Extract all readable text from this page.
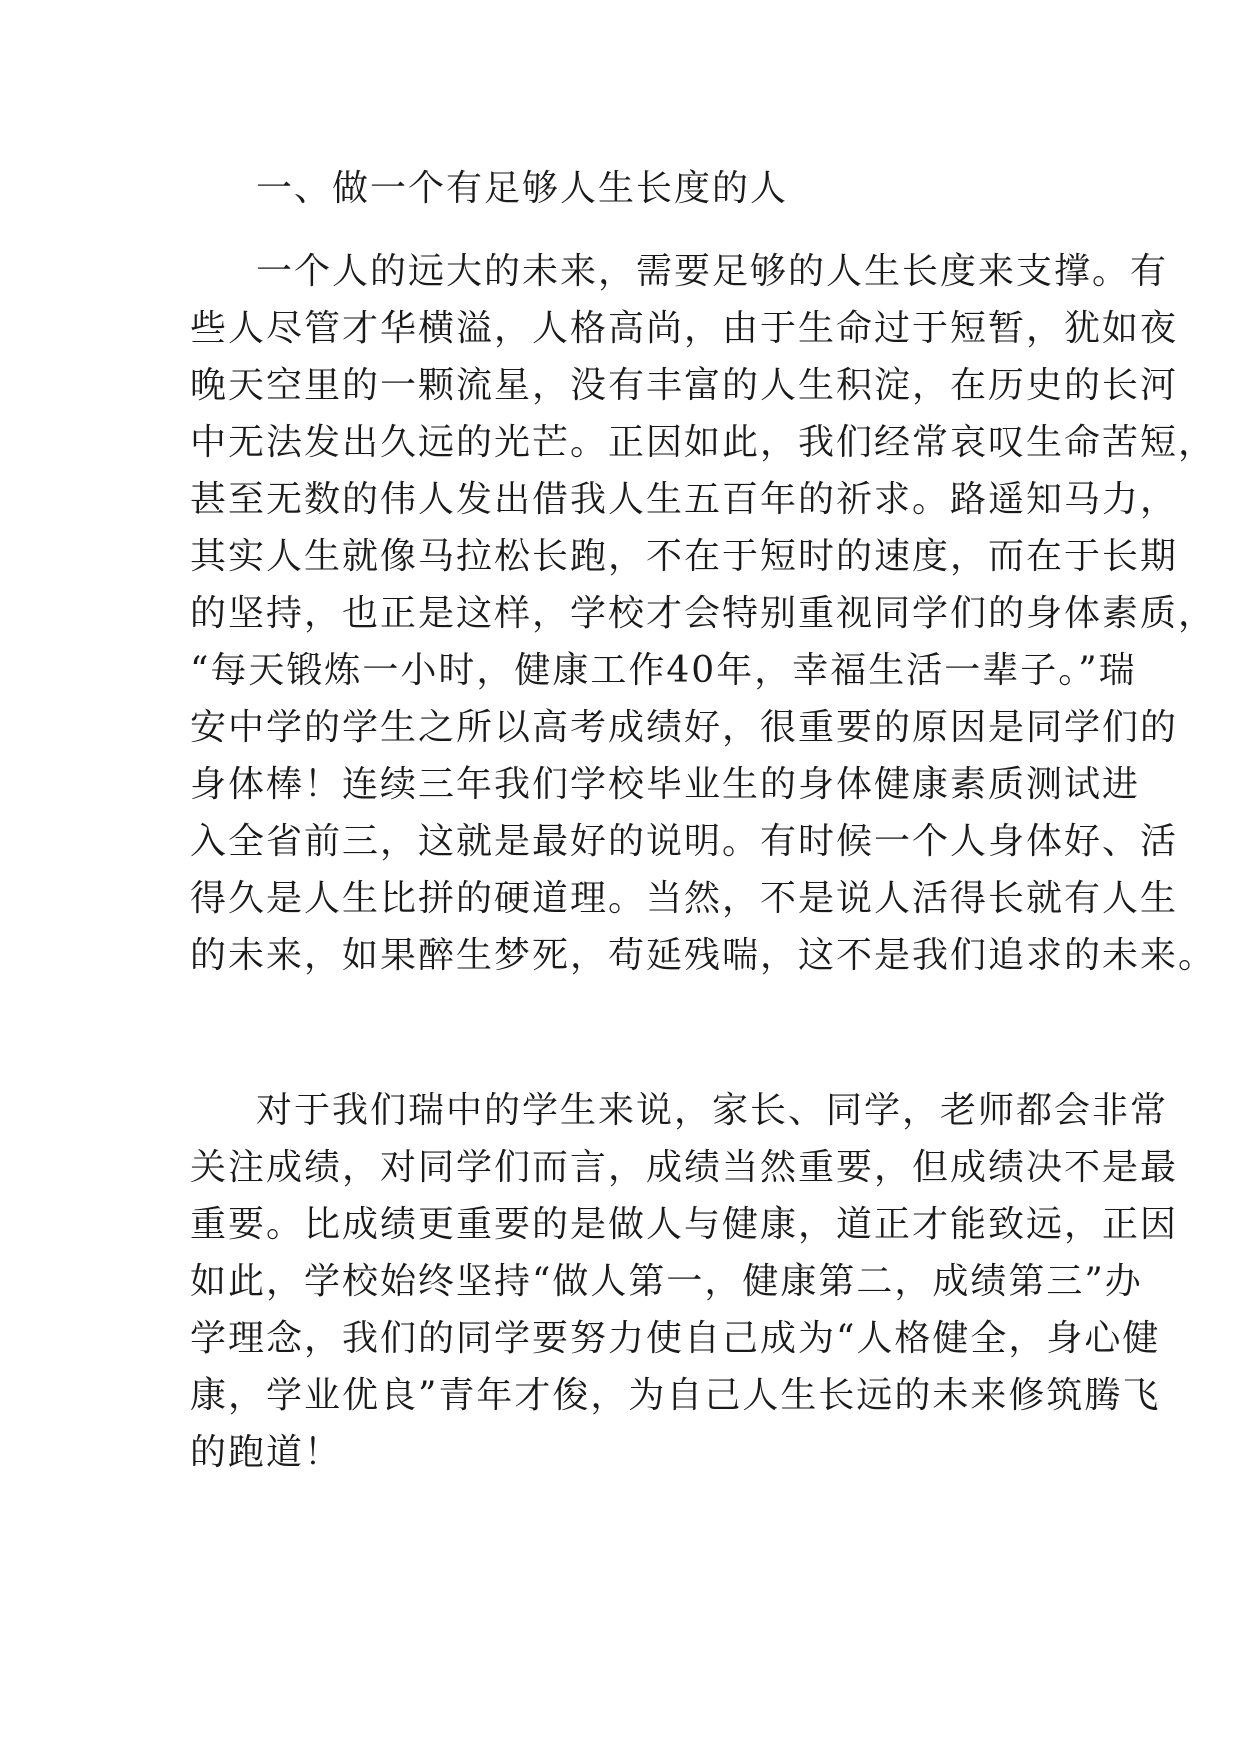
一、做一个有足够人生长度的人
一个人的远大的未来，需要足够的人生长度来支撑。有
些人尽管才华横溢，人格高尚，由于生命过于短暂，犹如夜
晚天空里的一颗流星，没有丰富的人生积淀，在历史的长河
中无法发出久远的光芒。正因如此，我们经常哀叹生命苦短，
甚至无数的伟人发出借我人生五百年的祈求。路遥知马力，
其实人生就像马拉松长跑，不在于短时的速度，而在于长期
的坚持，也正是这样，学校才会特别重视同学们的身体素质，
“每天锻炼一小时，健康工作40年，幸福生活一辈子。”瑞
安中学的学生之所以高考成绩好，很重要的原因是同学们的
身体棒！连续三年我们学校毕业生的身体健康素质测试进
入全省前三，这就是最好的说明。有时候一个人身体好、活
得久是人生比拼的硬道理。当然，不是说人活得长就有人生
的未来，如果醉生梦死，苟延残喘，这不是我们追求的未来。
对于我们瑞中的学生来说，家长、同学，老师都会非常
关注成绩，对同学们而言，成绩当然重要，但成绩决不是最
重要。比成绩更重要的是做人与健康，道正才能致远，正因
如此，学校始终坚持“做人第一，健康第二，成绩第三”办
学理念，我们的同学要努力使自己成为“人格健全，身心健
康，学业优良”青年才俊，为自己人生长远的未来修筑腾飞
的跑道！
